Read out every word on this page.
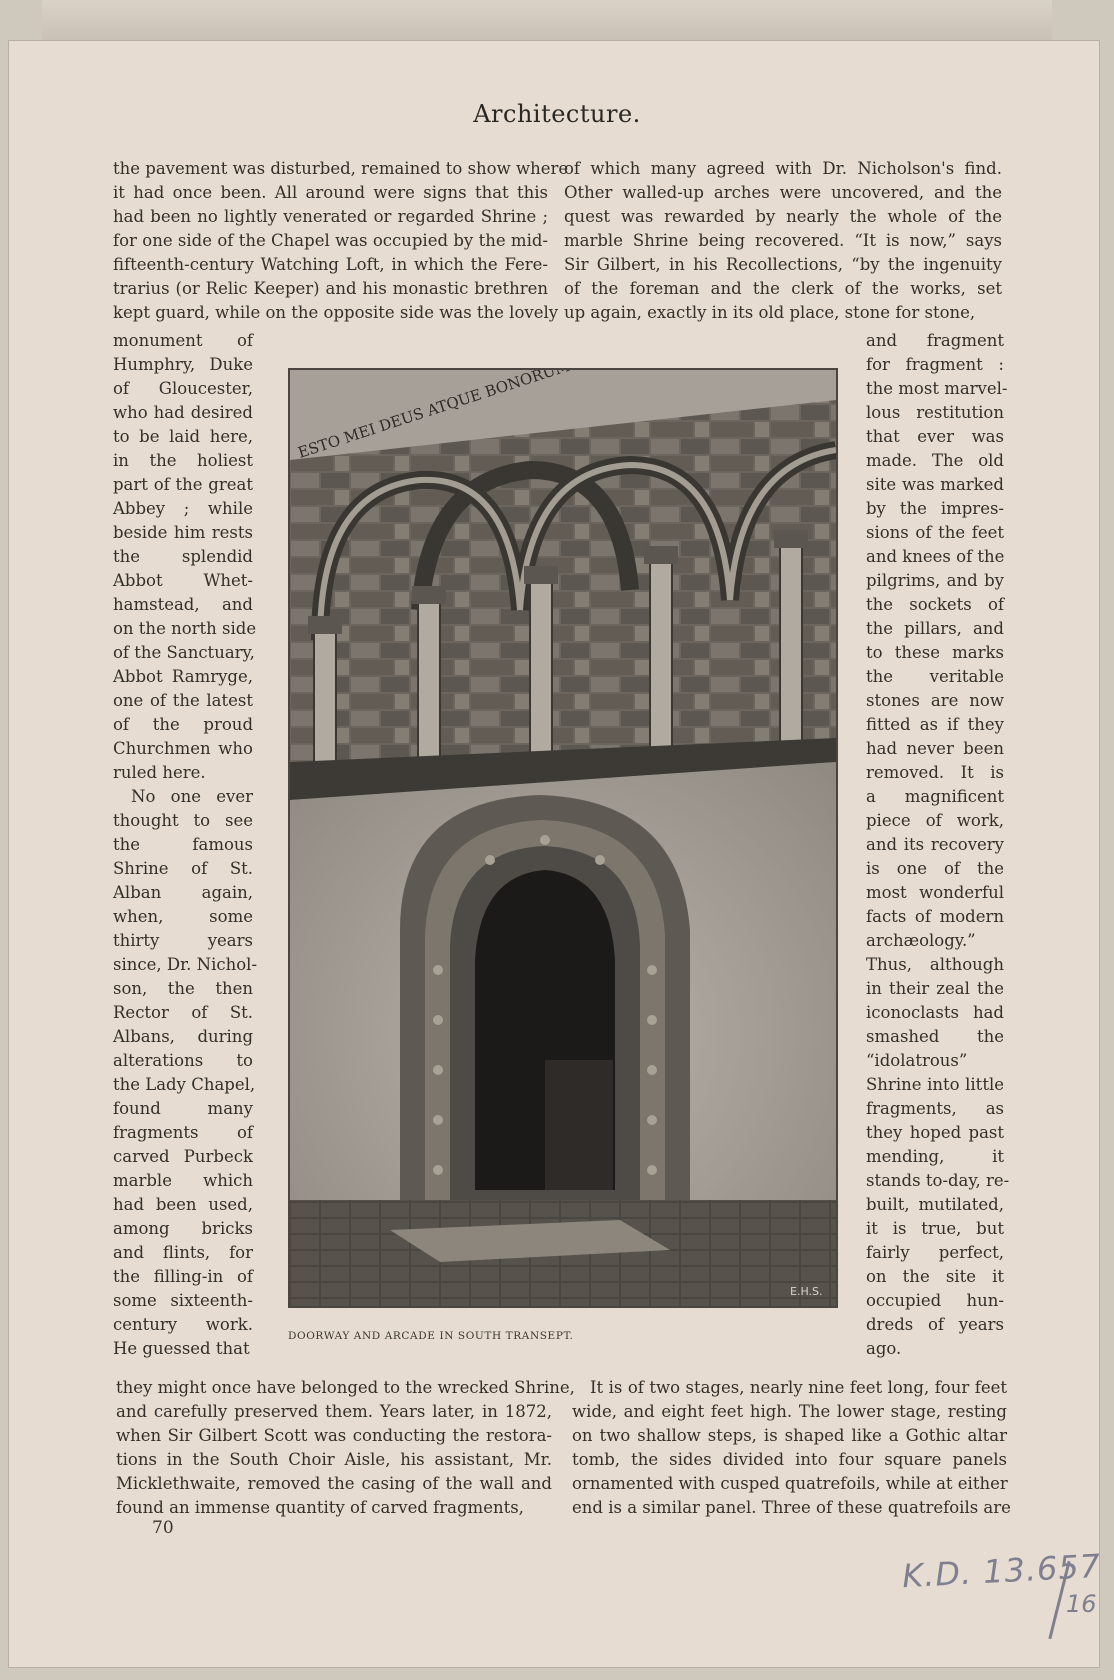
Architecture.
the pavement was disturbed, remained to show where
it had once been. All around were signs that this
had been no lightly venerated or regarded Shrine ;
for one side of the Chapel was occupied by the mid-
fifteenth-century Watching Loft, in which the Fere-
trarius (or Relic Keeper) and his monastic brethren
kept guard, while on the opposite side was the lovely
monument of
Humphry, Duke
of Gloucester,
who had desired
to be laid here,
in the holiest
part of the great
Abbey ; while
beside him rests
the splendid
Abbot Whet-
hamstead, and
on the north side
of the Sanctuary,
Abbot Ramryge,
one of the latest
of the proud
Churchmen who
ruled here.
No one ever
thought to see
the famous
Shrine of St.
Alban again,
when, some
thirty years
since, Dr. Nichol-
son, the then
Rector of St.
Albans, during
alterations to
the Lady Chapel,
found many
fragments of
carved Purbeck
marble which
had been used,
among bricks
and flints, for
the filling-in of
some sixteenth-
century work.
He guessed that
they might once have belonged to the wrecked Shrine,
and carefully preserved them. Years later, in 1872,
when Sir Gilbert Scott was conducting the restora-
tions in the South Choir Aisle, his assistant, Mr.
Micklethwaite, removed the casing of the wall and
found an immense quantity of carved fragments,
of which many agreed with Dr. Nicholson's find.
Other walled-up arches were uncovered, and the
quest was rewarded by nearly the whole of the
marble Shrine being recovered. “It is now,” says
Sir Gilbert, in his Recollections, “by the ingenuity
of the foreman and the clerk of the works, set
up again, exactly in its old place, stone for stone,
and fragment
for fragment :
the most marvel-
lous restitution
that ever was
made. The old
site was marked
by the impres-
sions of the feet
and knees of the
pilgrims, and by
the sockets of
the pillars, and
to these marks
the veritable
stones are now
fitted as if they
had never been
removed. It is
a magnificent
piece of work,
and its recovery
is one of the
most wonderful
facts of modern
archæology.”
Thus, although
in their zeal the
iconoclasts had
smashed the
“idolatrous”
Shrine into little
fragments, as
they hoped past
mending, it
stands to-day, re-
built, mutilated,
it is true, but
fairly perfect,
on the site it
occupied hun-
dreds of years
ago.
It is of two stages, nearly nine feet long, four feet
wide, and eight feet high. The lower stage, resting
on two shallow steps, is shaped like a Gothic altar
tomb, the sides divided into four square panels
ornamented with cusped quatrefoils, while at either
end is a similar panel. Three of these quatrefoils are
E.H.S.
DOORWAY AND ARCADE IN SOUTH TRANSEPT.
70
K.D. 13.657
16
